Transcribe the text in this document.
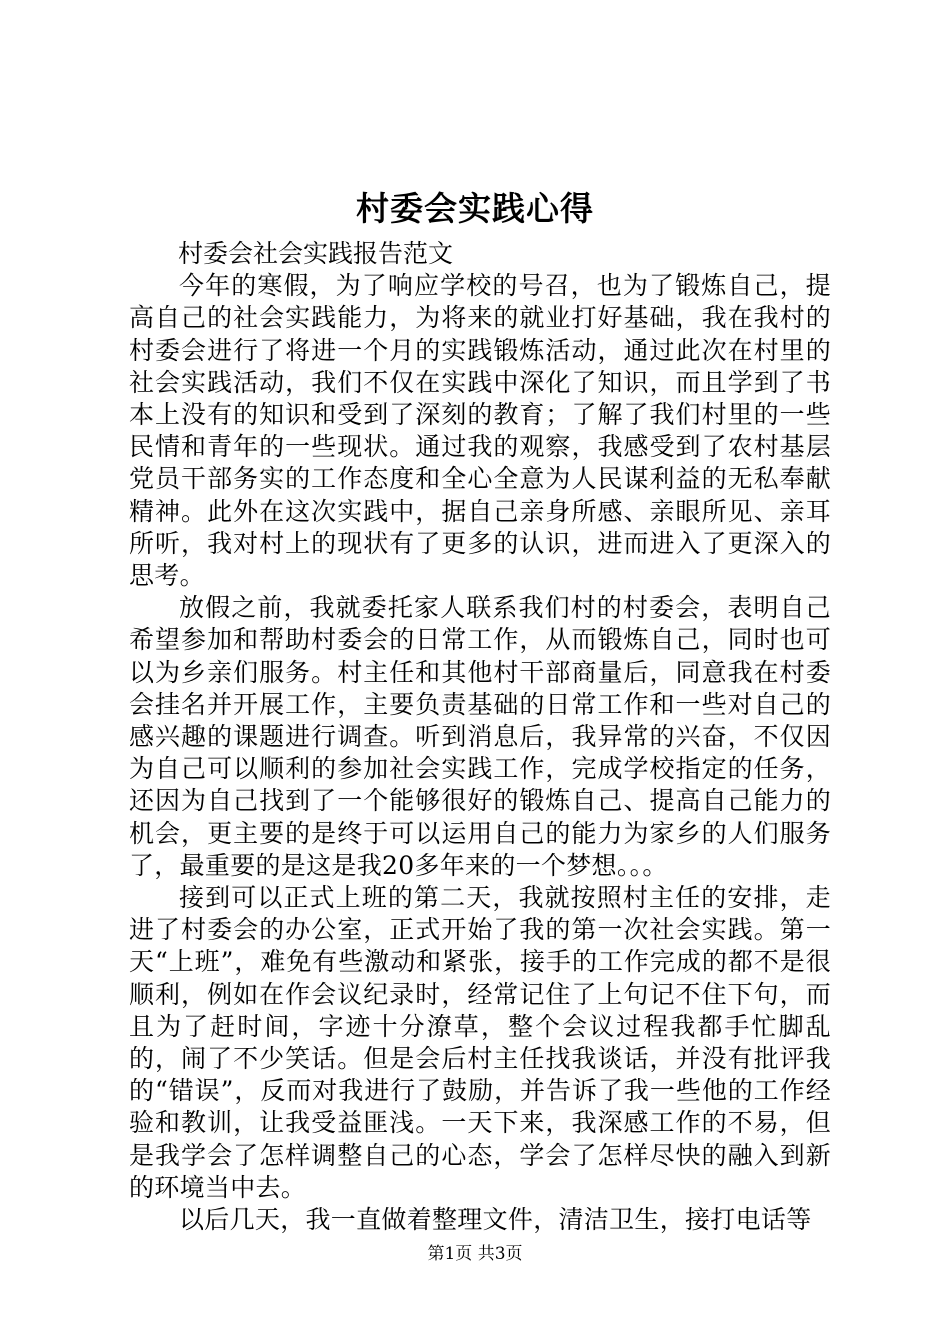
村委会实践心得

村委会社会实践报告范文

今年的寒假，为了响应学校的号召，也为了锻炼自己，提高自己的社会实践能力，为将来的就业打好基础，我在我村的村委会进行了将进一个月的实践锻炼活动，通过此次在村里的社会实践活动，我们不仅在实践中深化了知识，而且学到了书本上没有的知识和受到了深刻的教育；了解了我们村里的一些民情和青年的一些现状。通过我的观察，我感受到了农村基层党员干部务实的工作态度和全心全意为人民谋利益的无私奉献精神。此外在这次实践中，据自己亲身所感、亲眼所见、亲耳所听，我对村上的现状有了更多的认识，进而进入了更深入的思考。

放假之前，我就委托家人联系我们村的村委会，表明自己希望参加和帮助村委会的日常工作，从而锻炼自己，同时也可以为乡亲们服务。村主任和其他村干部商量后，同意我在村委会挂名并开展工作，主要负责基础的日常工作和一些对自己的感兴趣的课题进行调查。听到消息后，我异常的兴奋，不仅因为自己可以顺利的参加社会实践工作，完成学校指定的任务，还因为自己找到了一个能够很好的锻炼自己、提高自己能力的机会，更主要的是终于可以运用自己的能力为家乡的人们服务了，最重要的是这是我20多年来的一个梦想。。。

接到可以正式上班的第二天，我就按照村主任的安排，走进了村委会的办公室，正式开始了我的第一次社会实践。第一天“上班”，难免有些激动和紧张，接手的工作完成的都不是很顺利，例如在作会议纪录时，经常记住了上句记不住下句，而且为了赶时间，字迹十分潦草，整个会议过程我都手忙脚乱的，闹了不少笑话。但是会后村主任找我谈话，并没有批评我的“错误”，反而对我进行了鼓励，并告诉了我一些他的工作经验和教训，让我受益匪浅。一天下来，我深感工作的不易，但是我学会了怎样调整自己的心态，学会了怎样尽快的融入到新的环境当中去。

以后几天，我一直做着整理文件，清洁卫生，接打电话等

第1页 共3页
